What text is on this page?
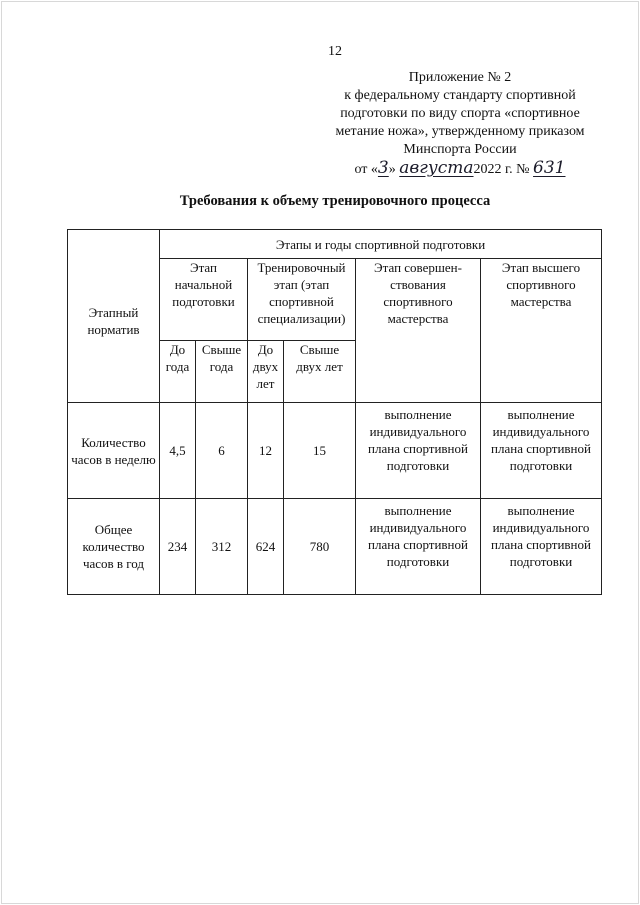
12
Приложение № 2
к федеральному стандарту спортивной
подготовки по виду спорта «спортивное
метание ножа», утвержденному приказом
Минспорта России
от «3» августа2022 г. № 631
Требования к объему тренировочного процесса
Этапный норматив	Этапы и годы спортивной подготовки					
	Этап начальной подготовки		Тренировочный этап (этап спортивной специализации)		Этап совершен-ствования спортивного мастерства	Этап высшего спортивного мастерства
	До года	Свыше года	До двух лет	Свыше двух лет		
Количество часов в неделю	4,5	6	12	15	выполнение индивидуального плана спортивной подготовки	выполнение индивидуального плана спортивной подготовки
Общее количество часов в год	234	312	624	780	выполнение индивидуального плана спортивной подготовки	выполнение индивидуального плана спортивной подготовки
